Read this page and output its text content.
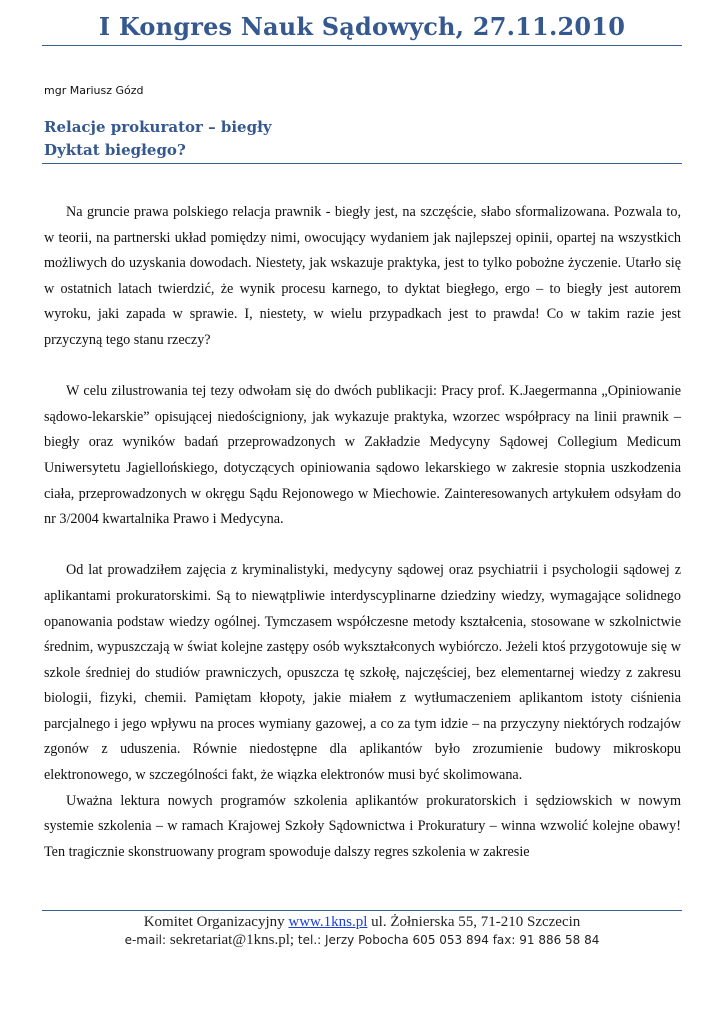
I Kongres Nauk Sądowych, 27.11.2010
mgr Mariusz Gózd
Relacje prokurator – biegły
Dyktat biegłego?

Na gruncie prawa polskiego relacja prawnik - biegły jest, na szczęście, słabo sformalizowana. Pozwala to, w teorii, na partnerski układ pomiędzy nimi, owocujący wydaniem jak najlepszej opinii, opartej na wszystkich możliwych do uzyskania dowodach. Niestety, jak wskazuje praktyka, jest to tylko pobożne życzenie. Utarło się w ostatnich latach twierdzić, że wynik procesu karnego, to dyktat biegłego, ergo – to biegły jest autorem wyroku, jaki zapada w sprawie. I, niestety, w wielu przypadkach jest to prawda! Co w takim razie jest przyczyną tego stanu rzeczy?

W celu zilustrowania tej tezy odwołam się do dwóch publikacji: Pracy prof. K.Jaegermanna „Opiniowanie sądowo-lekarskie” opisującej niedościgniony, jak wykazuje praktyka, wzorzec współpracy na linii prawnik – biegły oraz wyników badań przeprowadzonych w Zakładzie Medycyny Sądowej Collegium Medicum Uniwersytetu Jagiellońskiego, dotyczących opiniowania sądowo lekarskiego w zakresie stopnia uszkodzenia ciała, przeprowadzonych w okręgu Sądu Rejonowego w Miechowie. Zainteresowanych artykułem odsyłam do nr 3/2004 kwartalnika Prawo i Medycyna.

Od lat prowadziłem zajęcia z kryminalistyki, medycyny sądowej oraz psychiatrii i psychologii sądowej z aplikantami prokuratorskimi. Są to niewątpliwie interdyscyplinarne dziedziny wiedzy, wymagające solidnego opanowania podstaw wiedzy ogólnej. Tymczasem współczesne metody kształcenia, stosowane w szkolnictwie średnim, wypuszczają w świat kolejne zastępy osób wykształconych wybiórczo. Jeżeli ktoś przygotowuje się w szkole średniej do studiów prawniczych, opuszcza tę szkołę, najczęściej, bez elementarnej wiedzy z zakresu biologii, fizyki, chemii. Pamiętam kłopoty, jakie miałem z wytłumaczeniem aplikantom istoty ciśnienia parcjalnego i jego wpływu na proces wymiany gazowej, a co za tym idzie – na przyczyny niektórych rodzajów zgonów z uduszenia. Równie niedostępne dla aplikantów było zrozumienie budowy mikroskopu elektronowego, w szczególności fakt, że wiązka elektronów musi być skolimowana.

Uważna lektura nowych programów szkolenia aplikantów prokuratorskich i sędziowskich w nowym systemie szkolenia – w ramach Krajowej Szkoły Sądownictwa i Prokuratury – winna wzwolić kolejne obawy! Ten tragicznie skonstruowany program spowoduje dalszy regres szkolenia w zakresie

Komitet Organizacyjny www.1kns.pl ul. Żołnierska 55, 71-210 Szczecin
e-mail: sekretariat@1kns.pl; tel.: Jerzy Pobocha 605 053 894 fax: 91 886 58 84
